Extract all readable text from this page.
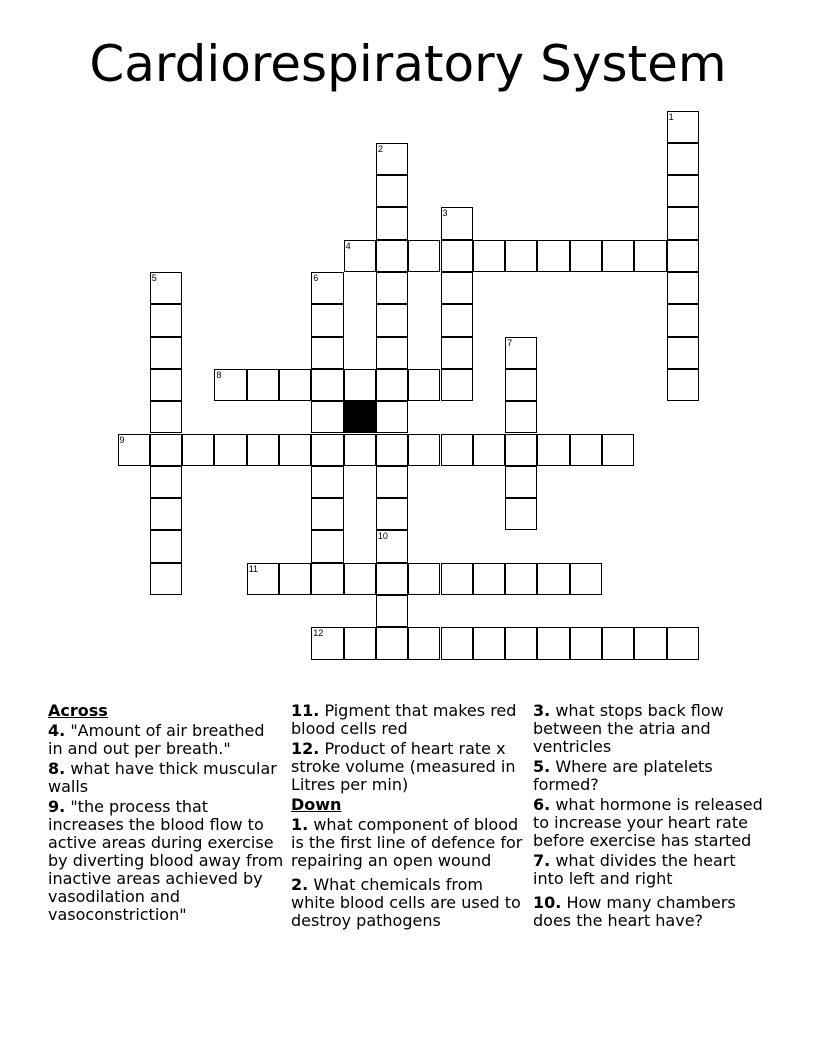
Cardiorespiratory System
1
2
10
3
4
5	6
7
8
9
11
12
Across
4. "Amount of air breathed in and out per breath."
8. what have thick muscular walls
9. "the process that increases the blood flow to active areas during exercise by diverting blood away from inactive areas achieved by vasodilation and vasoconstriction"
11. Pigment that makes red blood cells red
12. Product of heart rate x stroke volume (measured in Litres per min)
Down
1. what component of blood is the first line of defence for repairing an open wound
2. What chemicals from white blood cells are used to destroy pathogens
3. what stops back flow between the atria and ventricles
5. Where are platelets formed?
6. what hormone is released to increase your heart rate before exercise has started
7. what divides the heart into left and right
10. How many chambers does the heart have?
